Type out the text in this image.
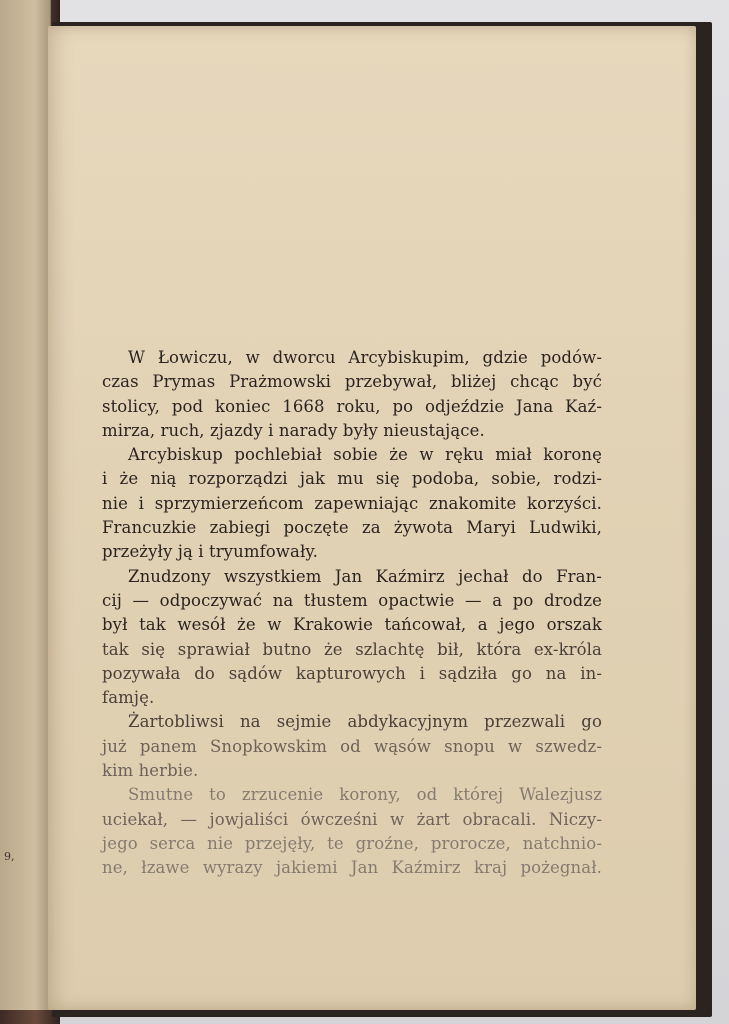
9,
W Łowiczu, w dworcu Arcybiskupim, gdzie podów-
czas Prymas Prażmowski przebywał, bliżej chcąc być
stolicy, pod koniec 1668 roku, po odjeździe Jana Kaź-
mirza, ruch, zjazdy i narady były nieustające.
Arcybiskup pochlebiał sobie że w ręku miał koronę
i że nią rozporządzi jak mu się podoba, sobie, rodzi-
nie i sprzymierzeńcom zapewniając znakomite korzyści.
Francuzkie zabiegi poczęte za żywota Maryi Ludwiki,
przeżyły ją i tryumfowały.
Znudzony wszystkiem Jan Kaźmirz jechał do Fran-
cij — odpoczywać na tłustem opactwie — a po drodze
był tak wesół że w Krakowie tańcował, a jego orszak
tak się sprawiał butno że szlachtę bił, która ex-króla
pozywała do sądów kapturowych i sądziła go na in-
famję.
Żartobliwsi na sejmie abdykacyjnym przezwali go
już panem Snopkowskim od wąsów snopu w szwedz-
kim herbie.
Smutne to zrzucenie korony, od której Walezjusz
uciekał, — jowjaliści ówcześni w żart obracali. Niczy-
jego serca nie przejęły, te groźne, prorocze, natchnio-
ne, łzawe wyrazy jakiemi Jan Kaźmirz kraj pożegnał.
